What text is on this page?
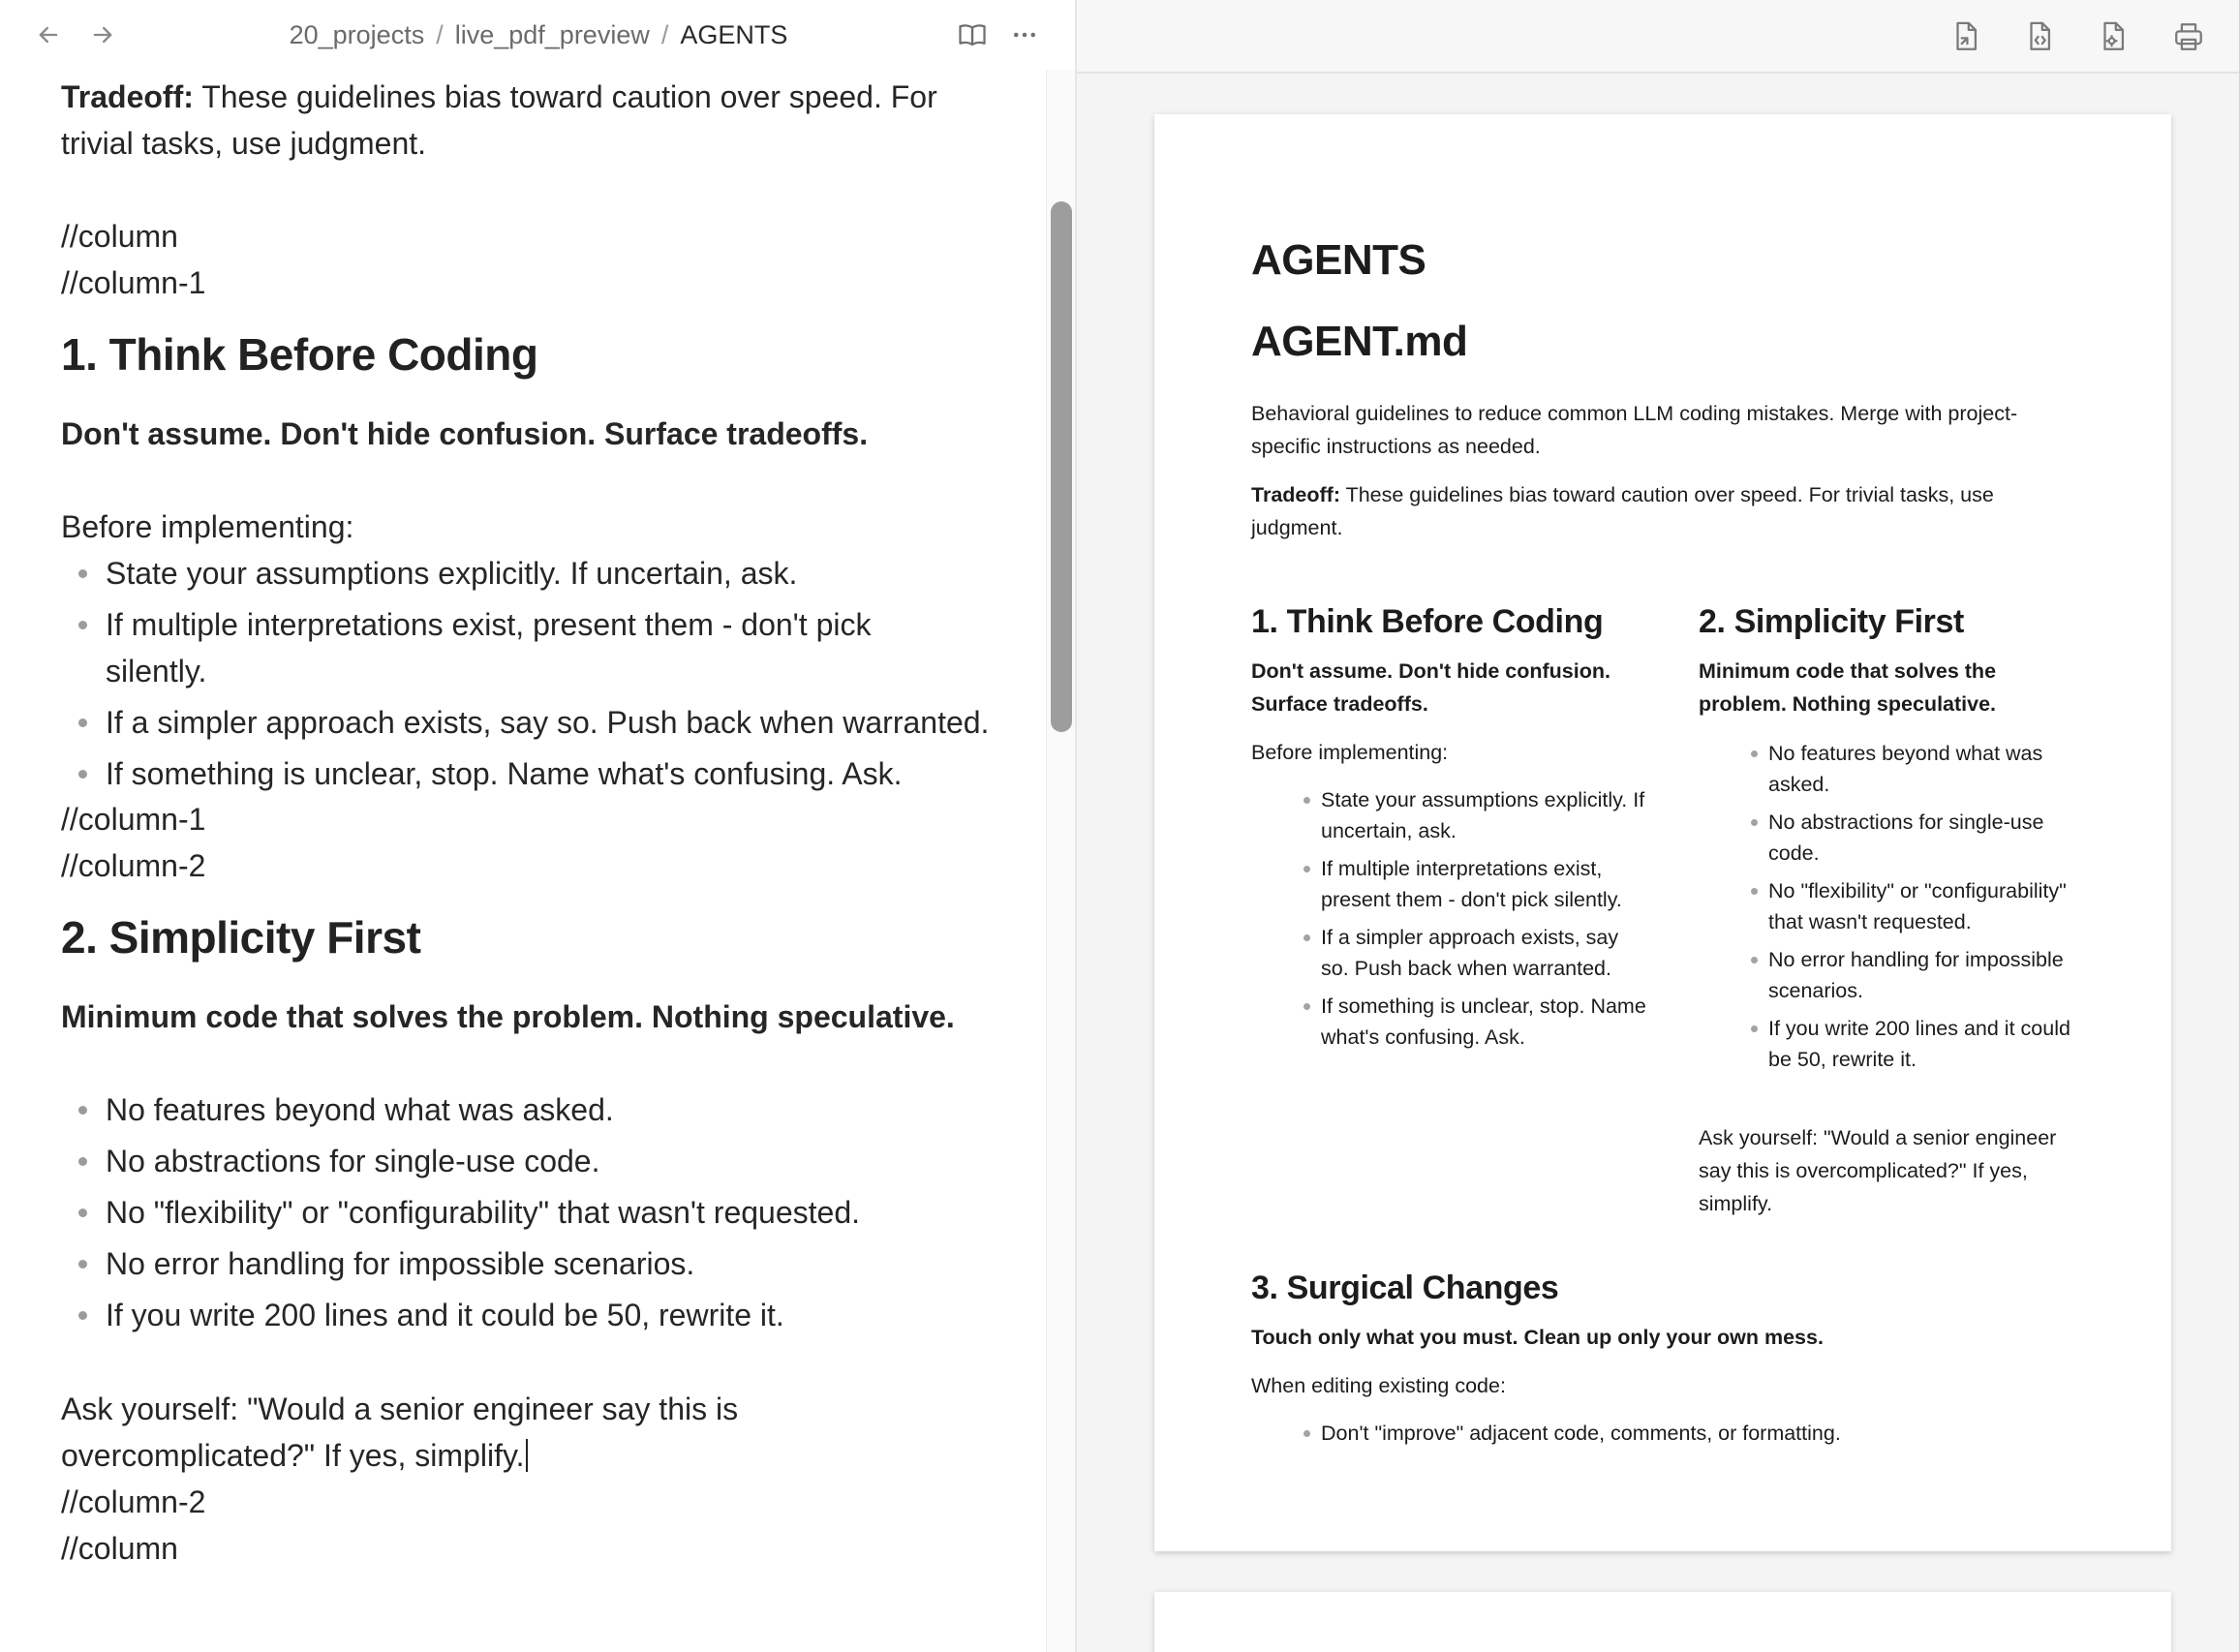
20_projects / live_pdf_preview / AGENTS
Tradeoff: These guidelines bias toward caution over speed. For
trivial tasks, use judgment.
//column
//column-1
1. Think Before Coding
Don't assume. Don't hide confusion. Surface tradeoffs.
Before implementing:
State your assumptions explicitly. If uncertain, ask.
If multiple interpretations exist, present them - don't pick silently.
If a simpler approach exists, say so. Push back when warranted.
If something is unclear, stop. Name what's confusing. Ask.
//column-1
//column-2
2. Simplicity First
Minimum code that solves the problem. Nothing speculative.
No features beyond what was asked.
No abstractions for single-use code.
No "flexibility" or "configurability" that wasn't requested.
No error handling for impossible scenarios.
If you write 200 lines and it could be 50, rewrite it.
Ask yourself: "Would a senior engineer say this is
overcomplicated?" If yes, simplify.
//column-2
//column
AGENTS
AGENT.md
Behavioral guidelines to reduce common LLM coding mistakes. Merge with project-specific instructions as needed.
Tradeoff: These guidelines bias toward caution over speed. For trivial tasks, use judgment.
1. Think Before Coding
Don't assume. Don't hide confusion. Surface tradeoffs.
Before implementing:
State your assumptions explicitly. If uncertain, ask.
If multiple interpretations exist, present them - don't pick silently.
If a simpler approach exists, say so. Push back when warranted.
If something is unclear, stop. Name what's confusing. Ask.
2. Simplicity First
Minimum code that solves the problem. Nothing speculative.
No features beyond what was asked.
No abstractions for single-use code.
No "flexibility" or "configurability" that wasn't requested.
No error handling for impossible scenarios.
If you write 200 lines and it could be 50, rewrite it.
Ask yourself: "Would a senior engineer say this is overcomplicated?" If yes, simplify.
3. Surgical Changes
Touch only what you must. Clean up only your own mess.
When editing existing code:
Don't "improve" adjacent code, comments, or formatting.
